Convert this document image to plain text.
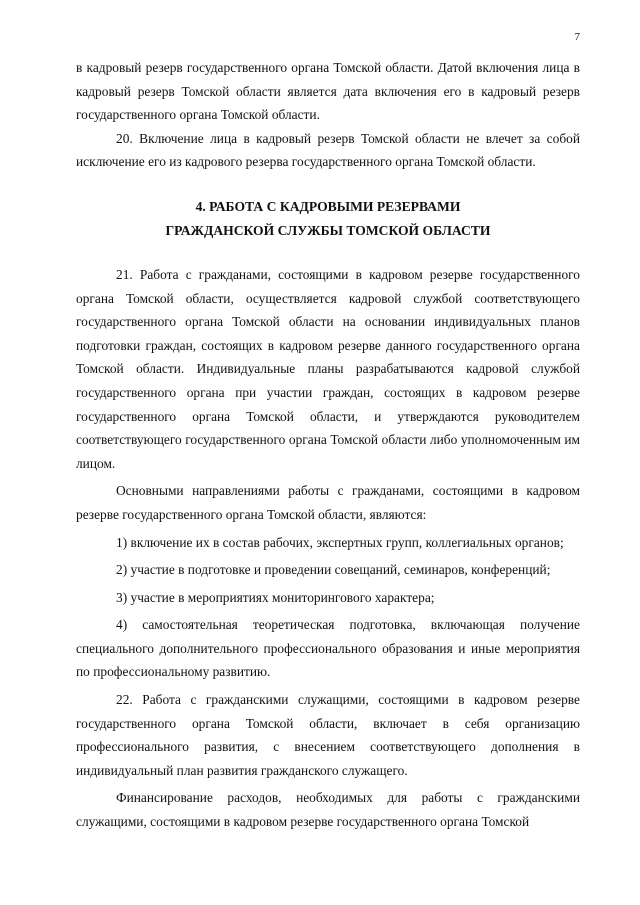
7

в кадровый резерв государственного органа Томской области. Датой включения лица в кадровый резерв Томской области является дата включения его в кадровый резерв государственного органа Томской области.

20. Включение лица в кадровый резерв Томской области не влечет за собой исключение его из кадрового резерва государственного органа Томской области.

4. РАБОТА С КАДРОВЫМИ РЕЗЕРВАМИ
ГРАЖДАНСКОЙ СЛУЖБЫ ТОМСКОЙ ОБЛАСТИ

21. Работа с гражданами, состоящими в кадровом резерве государственного органа Томской области, осуществляется кадровой службой соответствующего государственного органа Томской области на основании индивидуальных планов подготовки граждан, состоящих в кадровом резерве данного государственного органа Томской области. Индивидуальные планы разрабатываются кадровой службой государственного органа при участии граждан, состоящих в кадровом резерве государственного органа Томской области, и утверждаются руководителем соответствующего государственного органа Томской области либо уполномоченным им лицом.

Основными направлениями работы с гражданами, состоящими в кадровом резерве государственного органа Томской области, являются:

1) включение их в состав рабочих, экспертных групп, коллегиальных органов;

2) участие в подготовке и проведении совещаний, семинаров, конференций;

3) участие в мероприятиях мониторингового характера;

4) самостоятельная теоретическая подготовка, включающая получение специального дополнительного профессионального образования и иные мероприятия по профессиональному развитию.

22. Работа с гражданскими служащими, состоящими в кадровом резерве государственного органа Томской области, включает в себя организацию профессионального развития, с внесением соответствующего дополнения в индивидуальный план развития гражданского служащего.

Финансирование расходов, необходимых для работы с гражданскими служащими, состоящими в кадровом резерве государственного органа Томской
